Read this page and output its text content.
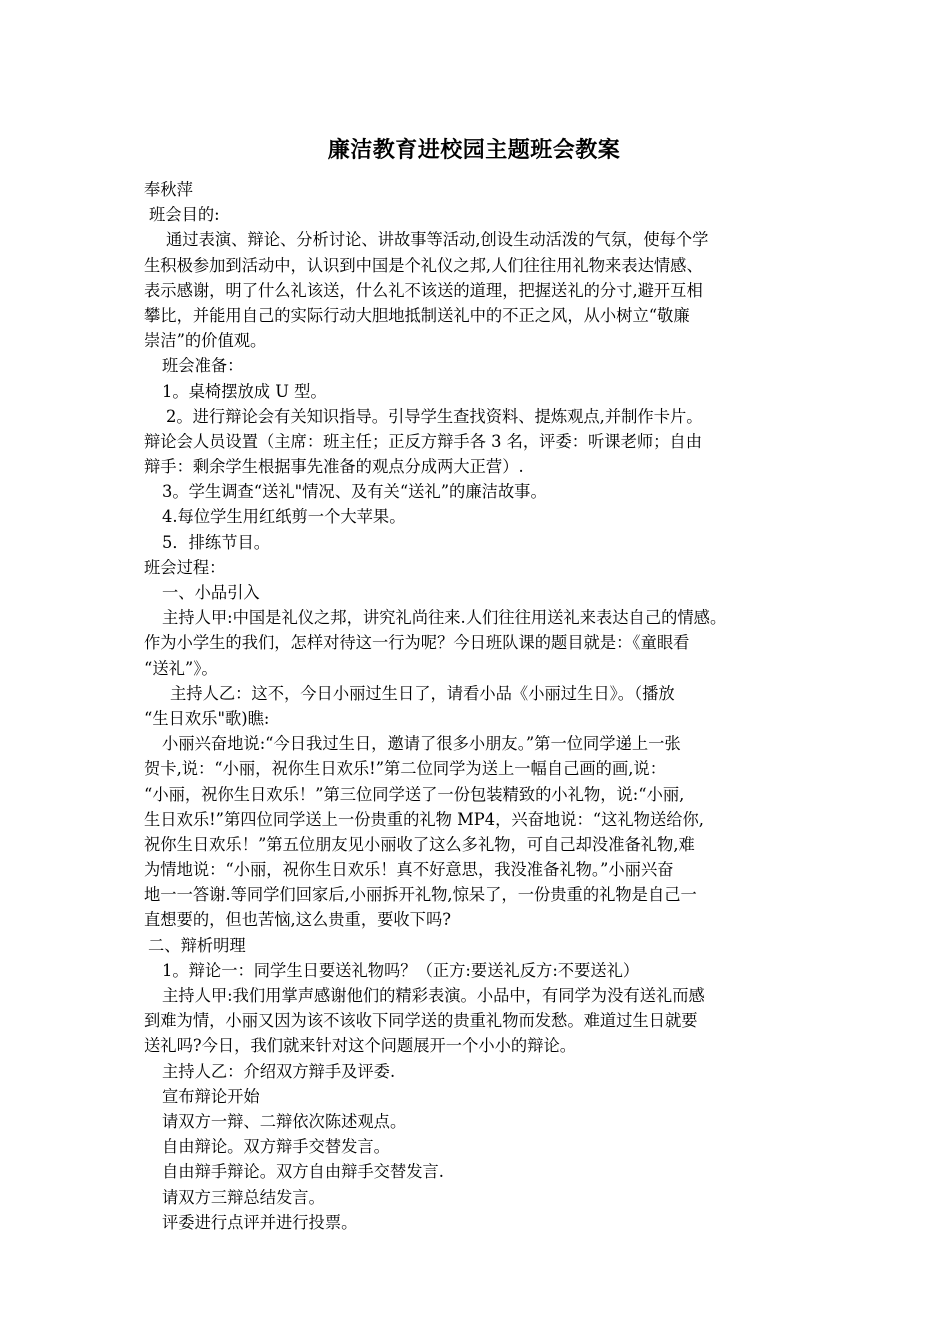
廉洁教育进校园主题班会教案
奉秋萍
班会目的:
通过表演、辩论、分析讨论、讲故事等活动,创设生动活泼的气氛，使每个学
生积极参加到活动中，认识到中国是个礼仪之邦,人们往往用礼物来表达情感、
表示感谢，明了什么礼该送，什么礼不该送的道理，把握送礼的分寸,避开互相
攀比，并能用自己的实际行动大胆地抵制送礼中的不正之风，从小树立“敬廉
崇洁”的价值观。
班会准备：
1。桌椅摆放成 U 型。
2。进行辩论会有关知识指导。引导学生查找资料、提炼观点,并制作卡片。
辩论会人员设置（主席：班主任；正反方辩手各 3 名，评委：听课老师；自由
辩手：剩余学生根据事先准备的观点分成两大正营）.
3。学生调查“送礼"情况、及有关“送礼”的廉洁故事。
4.每位学生用红纸剪一个大苹果。
5．排练节目。
班会过程：
一、小品引入
主持人甲:中国是礼仪之邦，讲究礼尚往来.人们往往用送礼来表达自己的情感。
作为小学生的我们，怎样对待这一行为呢？今日班队课的题目就是：《童眼看
“送礼”》。
主持人乙：这不，今日小丽过生日了，请看小品《小丽过生日》。（播放
“生日欢乐"歌)瞧:
小丽兴奋地说:“今日我过生日，邀请了很多小朋友。”第一位同学递上一张
贺卡,说：“小丽，祝你生日欢乐!”第二位同学为送上一幅自己画的画,说：
“小丽，祝你生日欢乐！”第三位同学送了一份包装精致的小礼物，说:“小丽,
生日欢乐!”第四位同学送上一份贵重的礼物 MP4，兴奋地说：“这礼物送给你,
祝你生日欢乐！”第五位朋友见小丽收了这么多礼物，可自己却没准备礼物,难
为情地说：“小丽，祝你生日欢乐！真不好意思，我没准备礼物。”小丽兴奋
地一一答谢.等同学们回家后,小丽拆开礼物,惊呆了，一份贵重的礼物是自己一
直想要的，但也苦恼,这么贵重，要收下吗?
二、辩析明理
1。辩论一：同学生日要送礼物吗？（正方:要送礼反方:不要送礼）
主持人甲:我们用掌声感谢他们的精彩表演。小品中，有同学为没有送礼而感
到难为情，小丽又因为该不该收下同学送的贵重礼物而发愁。难道过生日就要
送礼吗?今日，我们就来针对这个问题展开一个小小的辩论。
主持人乙：介绍双方辩手及评委.
宣布辩论开始
请双方一辩、二辩依次陈述观点。
自由辩论。双方辩手交替发言。
自由辩手辩论。双方自由辩手交替发言.
请双方三辩总结发言。
评委进行点评并进行投票。
